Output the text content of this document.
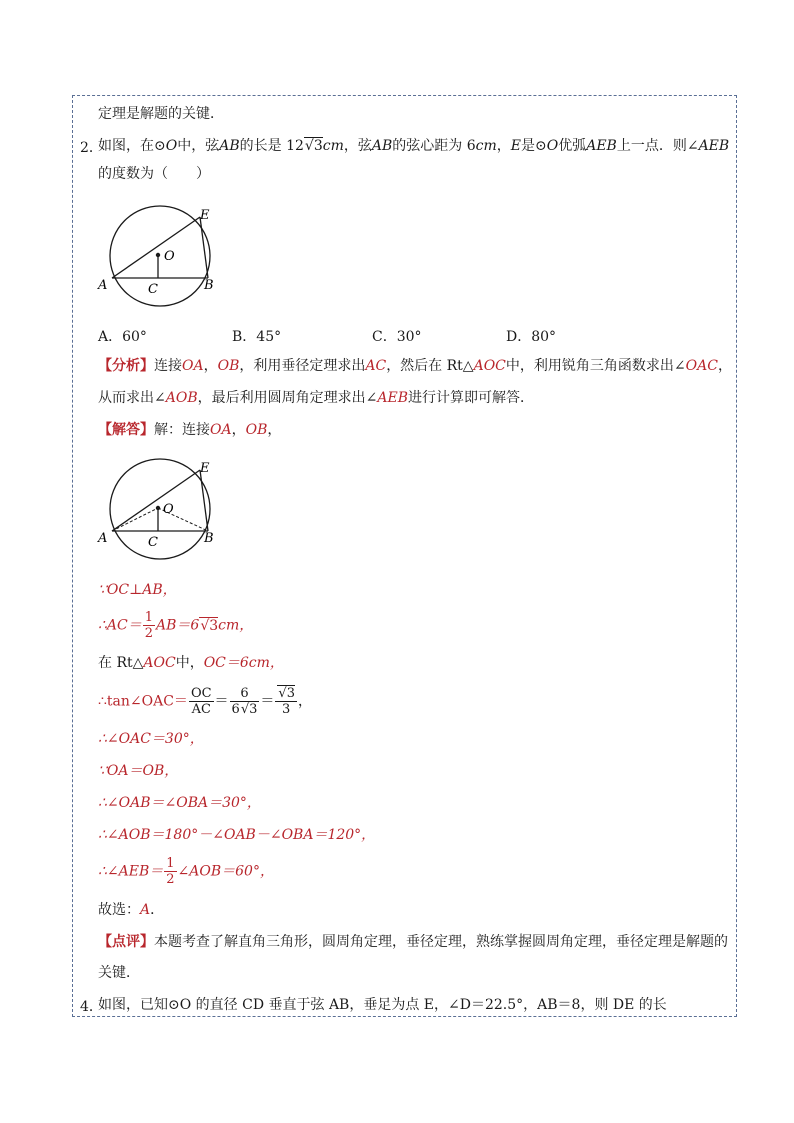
定理是解题的关键．
2．
如图，在⊙O中，弦AB的长是 12√3cm，弦AB的弦心距为 6cm，E是⊙O优弧AEB上一点．则∠AEB
的度数为（　　）
E
O
A	C	B
A．60°	B．45°	C．30°	D．80°
【分析】连接OA，OB，利用垂径定理求出AC，然后在 Rt△AOC中，利用锐角三角函数求出∠OAC，
从而求出∠AOB，最后利用圆周角定理求出∠AEB进行计算即可解答．
【解答】解：连接OA，OB，
E
O
A	C	B
∵OC⊥AB，
∴AC＝ $\frac{1}{2} AB=6√3cm$，
在 Rt△AOC中，OC＝6cm，
∴tan∠OAC＝ $\frac{OC}{AC} = \frac{6}{6√3} = \frac{√3}{3}$ ，
∴∠OAC＝30°，
∵OA＝OB，
∴∠OAB＝∠OBA＝30°，
∴∠AOB＝180°－∠OAB－∠OBA＝120°，
∴∠AEB＝ $\frac{1}{2}$ ∠AOB＝60°，
故选：A．
【点评】本题考查了解直角三角形，圆周角定理，垂径定理，熟练掌握圆周角定理，垂径定理是解题的
关键．
4．
如图，已知⊙O 的直径 CD 垂直于弦 AB，垂足为点 E，∠D＝22.5°，AB＝8，则 DE 的长
